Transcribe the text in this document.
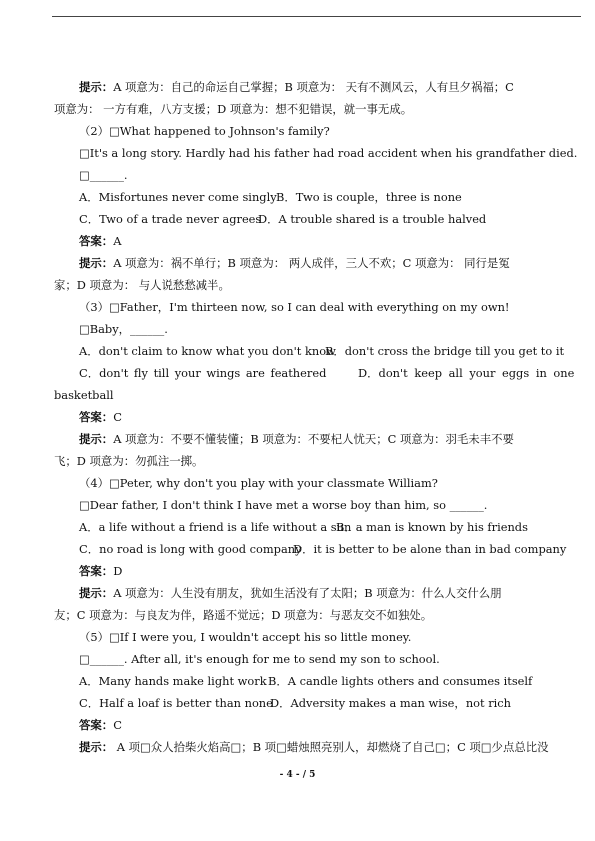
提示：A 项意为：自己的命运自己掌握；B 项意为： 天有不测风云，人有旦夕祸福；C
项意为： 一方有难，八方支援；D 项意为：想不犯错误，就一事无成。
（2）□What happened to Johnson's family?
□It's a long story. Hardly had his father had road accident when his grandfather died.
□______.
A．Misfortunes never come singlyB．Two is couple，three is none
C．Two of a trade never agreesD．A trouble shared is a trouble halved
答案：A
提示：A 项意为：祸不单行；B 项意为： 两人成伴，三人不欢；C 项意为： 同行是冤
家；D 项意为： 与人说愁愁减半。
（3）□Father，I'm thirteen now, so I can deal with everything on my own!
□Baby，______.
A．don't claim to know what you don't knowB．don't cross the bridge till you get to it
C．don't fly till your wings are feathered	D．don't keep all your eggs in one
basketball
答案：C
提示：A 项意为：不要不懂装懂；B 项意为：不要杞人忧天；C 项意为：羽毛未丰不要
飞；D 项意为：勿孤注一掷。
（4）□Peter, why don't you play with your classmate William?
□Dear father, I don't think I have met a worse boy than him, so ______.
A．a life without a friend is a life without a sunB．a man is known by his friends
C．no road is long with good companyD．it is better to be alone than in bad company
答案：D
提示：A 项意为：人生没有朋友，犹如生活没有了太阳；B 项意为：什么人交什么朋
友；C 项意为：与良友为伴，路遥不觉远；D 项意为：与恶友交不如独处。
（5）□If I were you, I wouldn't accept his so little money.
□______. After all, it's enough for me to send my son to school.
A．Many hands make light workB．A candle lights others and consumes itself
C．Half a loaf is better than noneD．Adversity makes a man wise，not rich
答案：C
提示： A 项□众人拾柴火焰高□；B 项□蜡烛照亮别人，却燃烧了自己□；C 项□少点总比没
- 4 - / 5
